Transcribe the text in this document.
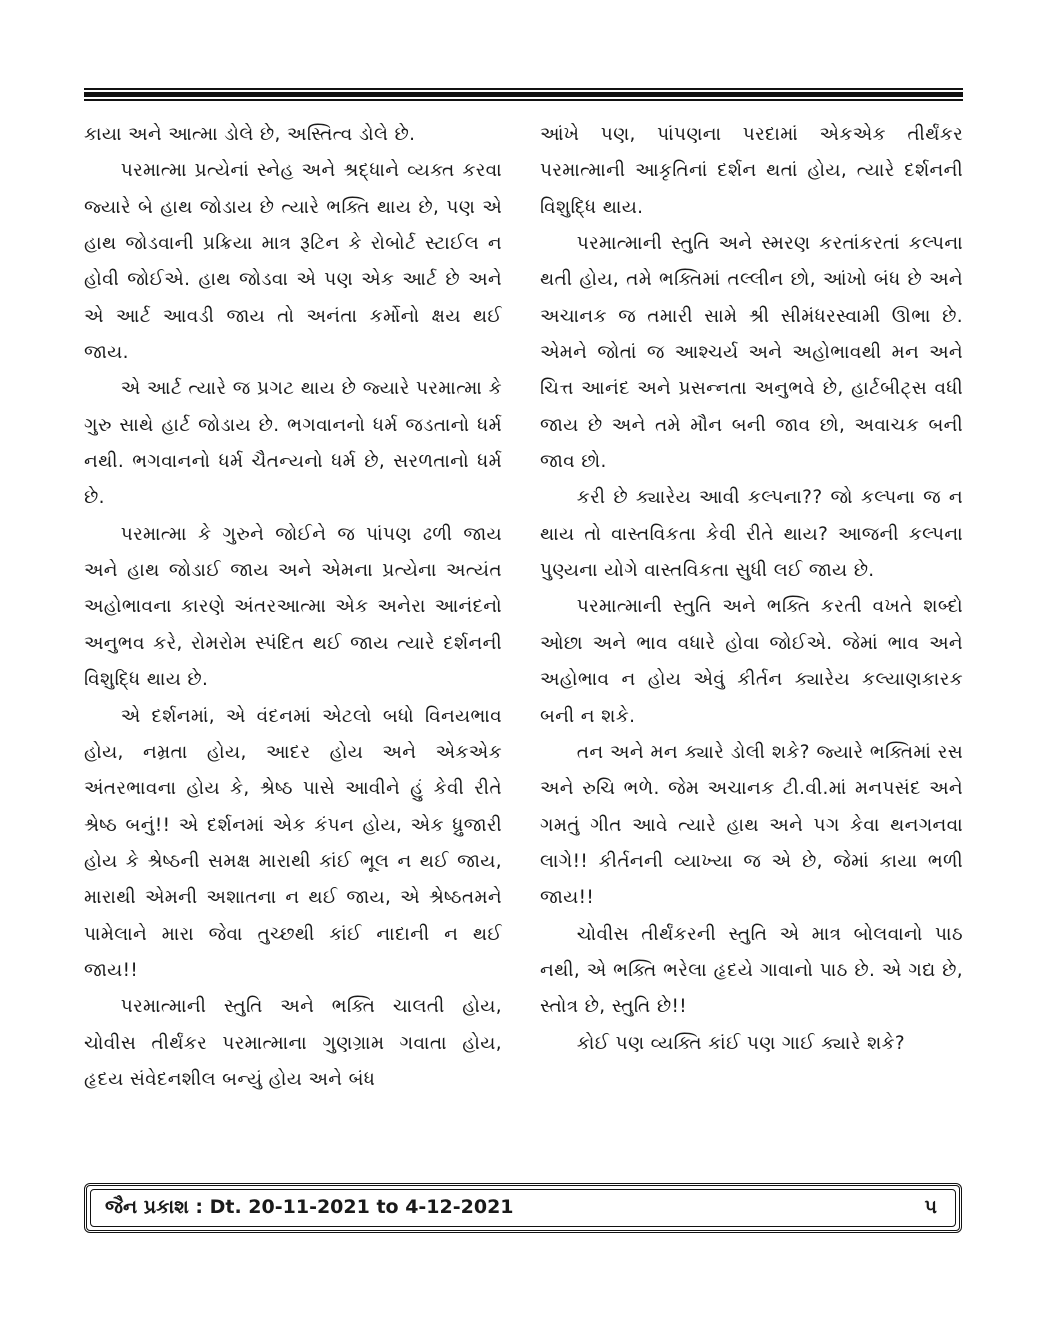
કાયા અને આત્મા ડોલે છે, અસ્તિત્વ ડોલે છે.

પરમાત્મા પ્રત્યેનાં સ્નેહ અને શ્રદ્ધાને વ્યક્ત કરવા જ્યારે બે હાથ જોડાય છે ત્યારે ભક્તિ થાય છે, પણ એ હાથ જોડવાની પ્રક્રિયા માત્ર રૂટિન કે રોબોર્ટ સ્ટાઈલ ન હોવી જોઈએ. હાથ જોડવા એ પણ એક આર્ટ છે અને એ આર્ટ આવડી જાય તો અનંતા કર્મોનો ક્ષય થઈ જાય.

એ આર્ટ ત્યારે જ પ્રગટ થાય છે જ્યારે પરમાત્મા કે ગુરુ સાથે હાર્ટ જોડાય છે. ભગવાનનો ધર્મ જડતાનો ધર્મ નથી. ભગવાનનો ધર્મ ચૈતન્યનો ધર્મ છે, સરળતાનો ધર્મ છે.

પરમાત્મા કે ગુરુને જોઈને જ પાંપણ ઢળી જાય અને હાથ જોડાઈ જાય અને એમના પ્રત્યેના અત્યંત અહોભાવના કારણે અંતરઆત્મા એક અનેરા આનંદનો અનુભવ કરે, રોમરોમ સ્પંદિત થઈ જાય ત્યારે દર્શનની વિશુદ્ધિ થાય છે.

એ દર્શનમાં, એ વંદનમાં એટલો બધો વિનયભાવ હોય, નમ્રતા હોય, આદર હોય અને એકએક અંતરભાવના હોય કે, શ્રેષ્ઠ પાસે આવીને હું કેવી રીતે શ્રેષ્ઠ બનું!! એ દર્શનમાં એક કંપન હોય, એક ધ્રુજારી હોય કે શ્રેષ્ઠની સમક્ષ મારાથી કાંઈ ભૂલ ન થઈ જાય, મારાથી એમની અશાતના ન થઈ જાય, એ શ્રેષ્ઠતમને પામેલાને મારા જેવા તુચ્છથી કાંઈ નાદાની ન થઈ જાય!!

પરમાત્માની સ્તુતિ અને ભક્તિ ચાલતી હોય, ચોવીસ તીર્થંકર પરમાત્માના ગુણગ્રામ ગવાતા હોય, હૃદય સંવેદનશીલ બન્યું હોય અને બંધ

આંખે પણ, પાંપણના પરદામાં એકએક તીર્થંકર પરમાત્માની આકૃતિનાં દર્શન થતાં હોય, ત્યારે દર્શનની વિશુદ્ધિ થાય.

પરમાત્માની સ્તુતિ અને સ્મરણ કરતાંકરતાં કલ્પના થતી હોય, તમે ભક્તિમાં તલ્લીન છો, આંખો બંધ છે અને અચાનક જ તમારી સામે શ્રી સીમંધરસ્વામી ઊભા છે. એમને જોતાં જ આશ્ચર્ય અને અહોભાવથી મન અને ચિત્ત આનંદ અને પ્રસન્નતા અનુભવે છે, હાર્ટબીટ્સ વધી જાય છે અને તમે મૌન બની જાવ છો, અવાચક બની જાવ છો.

કરી છે ક્યારેય આવી કલ્પના?? જો કલ્પના જ ન થાય તો વાસ્તવિકતા કેવી રીતે થાય? આજની કલ્પના પુણ્યના યોગે વાસ્તવિકતા સુધી લઈ જાય છે.

પરમાત્માની સ્તુતિ અને ભક્તિ કરતી વખતે શબ્દો ઓછા અને ભાવ વધારે હોવા જોઈએ. જેમાં ભાવ અને અહોભાવ ન હોય એવું કીર્તન ક્યારેય કલ્યાણકારક બની ન શકે.

તન અને મન ક્યારે ડોલી શકે? જ્યારે ભક્તિમાં રસ અને રુચિ ભળે. જેમ અચાનક ટી.વી.માં મનપસંદ અને ગમતું ગીત આવે ત્યારે હાથ અને પગ કેવા થનગનવા લાગે!! કીર્તનની વ્યાખ્યા જ એ છે, જેમાં કાયા ભળી જાય!!

ચોવીસ તીર્થંકરની સ્તુતિ એ માત્ર બોલવાનો પાઠ નથી, એ ભક્તિ ભરેલા હૃદયે ગાવાનો પાઠ છે. એ ગદ્ય છે, સ્તોત્ર છે, સ્તુતિ છે!!

કોઈ પણ વ્યક્તિ કાંઈ પણ ગાઈ ક્યારે શકે?

જૈન પ્રકાશ : Dt. 20-11-2021 to 4-12-2021	૫
